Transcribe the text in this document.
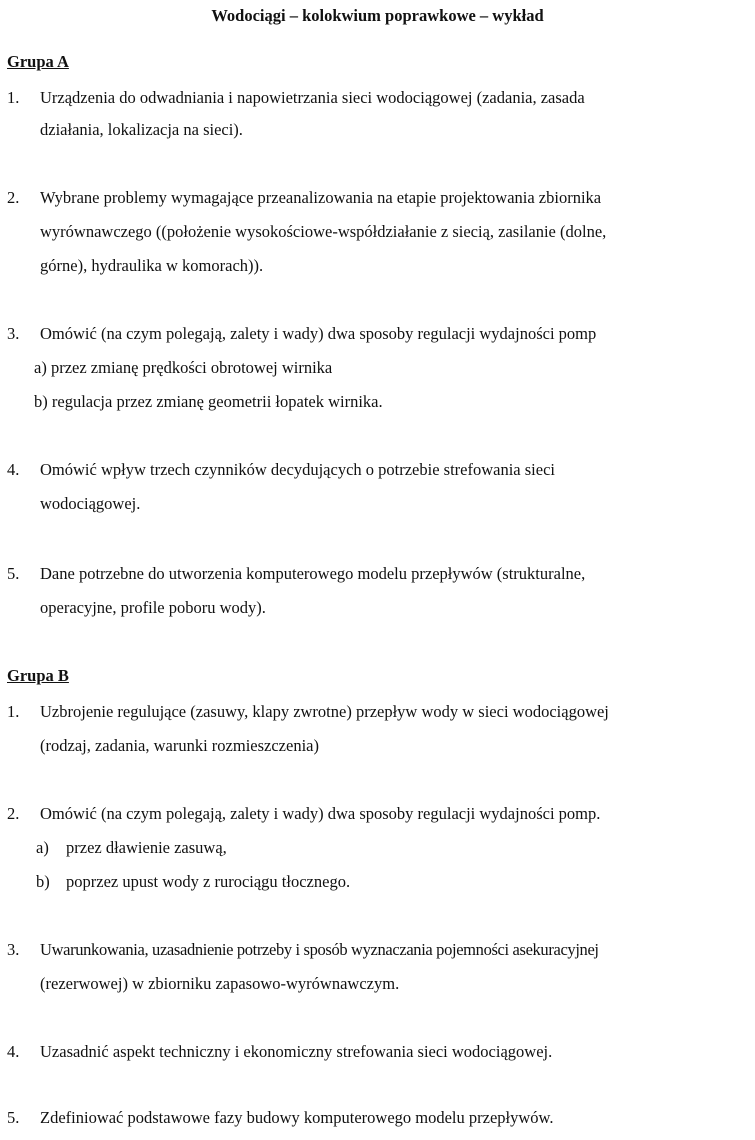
Wodociągi – kolokwium poprawkowe – wykład
Grupa A
1. Urządzenia do odwadniania i napowietrzania sieci wodociągowej (zadania, zasada
działania, lokalizacja na sieci).
2. Wybrane problemy wymagające przeanalizowania na etapie projektowania zbiornika
wyrównawczego ((położenie wysokościowe-współdziałanie z siecią, zasilanie (dolne,
górne), hydraulika w komorach)).
3. Omówić (na czym polegają, zalety i wady) dwa sposoby regulacji wydajności pomp
a) przez zmianę prędkości obrotowej wirnika
b) regulacja przez zmianę geometrii łopatek wirnika.
4. Omówić wpływ trzech czynników decydujących o potrzebie strefowania sieci
wodociągowej.
5. Dane potrzebne do utworzenia komputerowego modelu przepływów (strukturalne,
operacyjne, profile poboru wody).
Grupa B
1. Uzbrojenie regulujące (zasuwy, klapy zwrotne) przepływ wody w sieci wodociągowej
(rodzaj, zadania, warunki rozmieszczenia)
2. Omówić (na czym polegają, zalety i wady) dwa sposoby regulacji wydajności pomp.
a) przez dławienie zasuwą,
b) poprzez upust wody z rurociągu tłocznego.
3. Uwarunkowania, uzasadnienie potrzeby i sposób wyznaczania pojemności asekuracyjnej
(rezerwowej) w zbiorniku zapasowo-wyrównawczym.
4. Uzasadnić aspekt techniczny i ekonomiczny strefowania sieci wodociągowej.
5. Zdefiniować podstawowe fazy budowy komputerowego modelu przepływów.
